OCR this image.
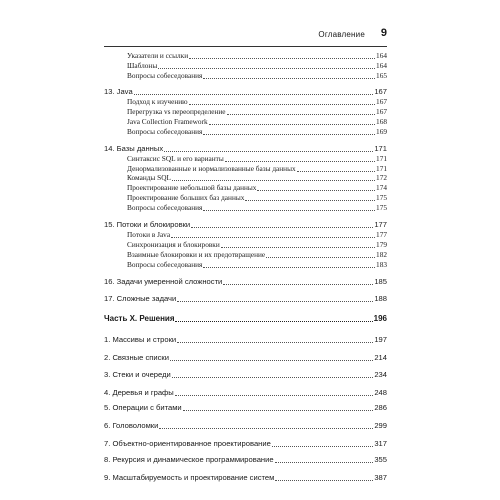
Оглавление 9
Указатели и ссылки	164
Шаблоны	164
Вопросы собеседования	165
13. Java	167
Подход к изучению	167
Перегрузка vs переопределение	167
Java Collection Framework	168
Вопросы собеседования	169
14. Базы данных	171
Синтаксис SQL и его варианты	171
Денормализованные и нормализованные базы данных	171
Команды SQL	172
Проектирование небольшой базы данных	174
Проектирование больших баз данных	175
Вопросы собеседования	175
15. Потоки и блокировки	177
Потоки в Java	177
Синхронизация и блокировки	179
Взаимные блокировки и их предотвращение	182
Вопросы собеседования	183
16. Задачи умеренной сложности	185
17. Сложные задачи	188
Часть X. Решения	196
1. Массивы и строки	197
2. Связные списки	214
3. Стеки и очереди	234
4. Деревья и графы	248
5. Операции с битами	286
6. Головоломки	299
7. Объектно-ориентированное проектирование	317
8. Рекурсия и динамическое программирование	355
9. Масштабируемость и проектирование систем	387
